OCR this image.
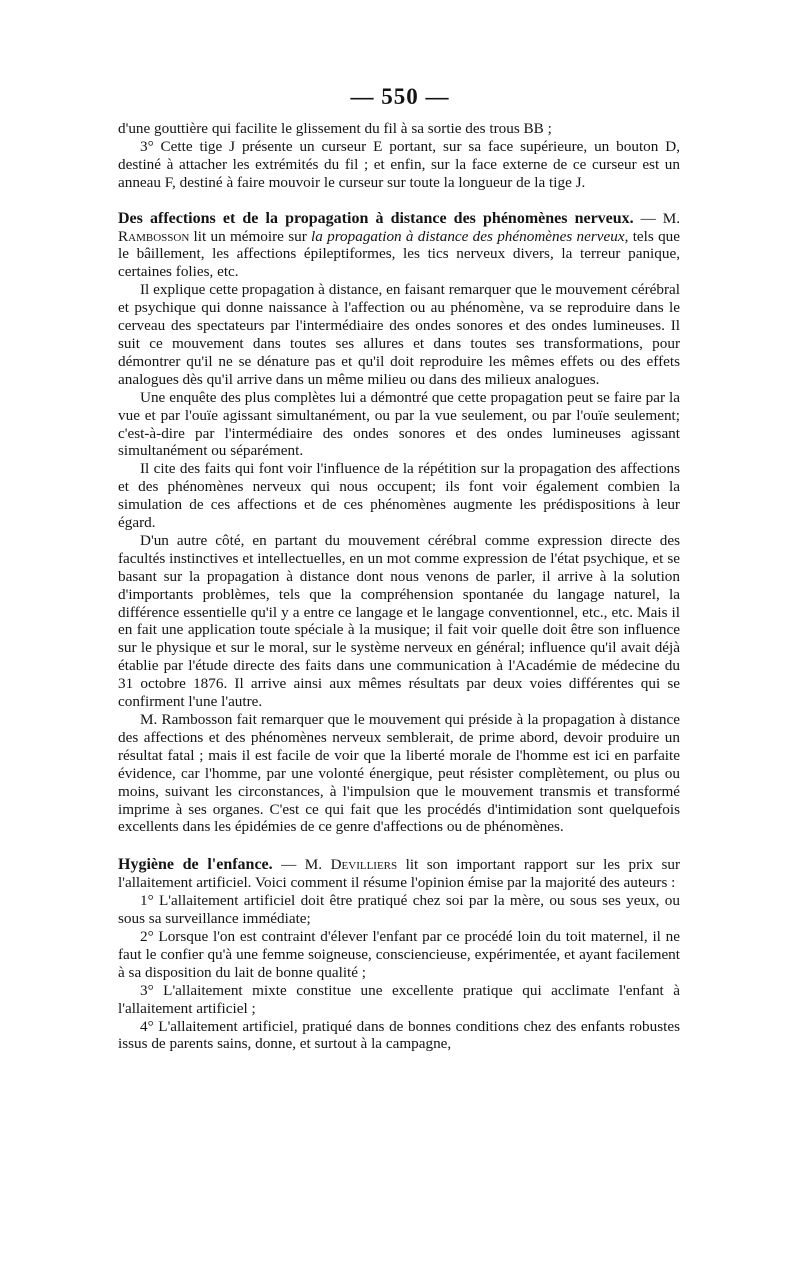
— 550 —

d'une gouttière qui facilite le glissement du fil à sa sortie des trous BB ;

3° Cette tige J présente un curseur E portant, sur sa face supérieure, un bouton D, destiné à attacher les extrémités du fil ; et enfin, sur la face externe de ce curseur est un anneau F, destiné à faire mouvoir le curseur sur toute la longueur de la tige J.

Des affections et de la propagation à distance des phénomènes nerveux. — M. Rambosson lit un mémoire sur la propagation à distance des phénomènes nerveux, tels que le bâillement, les affections épileptiformes, les tics nerveux divers, la terreur panique, certaines folies, etc.

Il explique cette propagation à distance, en faisant remarquer que le mouvement cérébral et psychique qui donne naissance à l'affection ou au phénomène, va se reproduire dans le cerveau des spectateurs par l'intermédiaire des ondes sonores et des ondes lumineuses. Il suit ce mouvement dans toutes ses allures et dans toutes ses transformations, pour démontrer qu'il ne se dénature pas et qu'il doit reproduire les mêmes effets ou des effets analogues dès qu'il arrive dans un même milieu ou dans des milieux analogues.

Une enquête des plus complètes lui a démontré que cette propagation peut se faire par la vue et par l'ouïe agissant simultanément, ou par la vue seulement, ou par l'ouïe seulement; c'est-à-dire par l'intermédiaire des ondes sonores et des ondes lumineuses agissant simultanément ou séparément.

Il cite des faits qui font voir l'influence de la répétition sur la propagation des affections et des phénomènes nerveux qui nous occupent; ils font voir également combien la simulation de ces affections et de ces phénomènes augmente les prédispositions à leur égard.

D'un autre côté, en partant du mouvement cérébral comme expression directe des facultés instinctives et intellectuelles, en un mot comme expression de l'état psychique, et se basant sur la propagation à distance dont nous venons de parler, il arrive à la solution d'importants problèmes, tels que la compréhension spontanée du langage naturel, la différence essentielle qu'il y a entre ce langage et le langage conventionnel, etc., etc. Mais il en fait une application toute spéciale à la musique; il fait voir quelle doit être son influence sur le physique et sur le moral, sur le système nerveux en général; influence qu'il avait déjà établie par l'étude directe des faits dans une communication à l'Académie de médecine du 31 octobre 1876. Il arrive ainsi aux mêmes résultats par deux voies différentes qui se confirment l'une l'autre.

M. Rambosson fait remarquer que le mouvement qui préside à la propagation à distance des affections et des phénomènes nerveux semblerait, de prime abord, devoir produire un résultat fatal ; mais il est facile de voir que la liberté morale de l'homme est ici en parfaite évidence, car l'homme, par une volonté énergique, peut résister complètement, ou plus ou moins, suivant les circonstances, à l'impulsion que le mouvement transmis et transformé imprime à ses organes. C'est ce qui fait que les procédés d'intimidation sont quelquefois excellents dans les épidémies de ce genre d'affections ou de phénomènes.

Hygiène de l'enfance. — M. Devilliers lit son important rapport sur les prix sur l'allaitement artificiel. Voici comment il résume l'opinion émise par la majorité des auteurs :

1° L'allaitement artificiel doit être pratiqué chez soi par la mère, ou sous ses yeux, ou sous sa surveillance immédiate;

2° Lorsque l'on est contraint d'élever l'enfant par ce procédé loin du toit maternel, il ne faut le confier qu'à une femme soigneuse, consciencieuse, expérimentée, et ayant facilement à sa disposition du lait de bonne qualité ;

3° L'allaitement mixte constitue une excellente pratique qui acclimate l'enfant à l'allaitement artificiel ;

4° L'allaitement artificiel, pratiqué dans de bonnes conditions chez des enfants robustes issus de parents sains, donne, et surtout à la campagne,
